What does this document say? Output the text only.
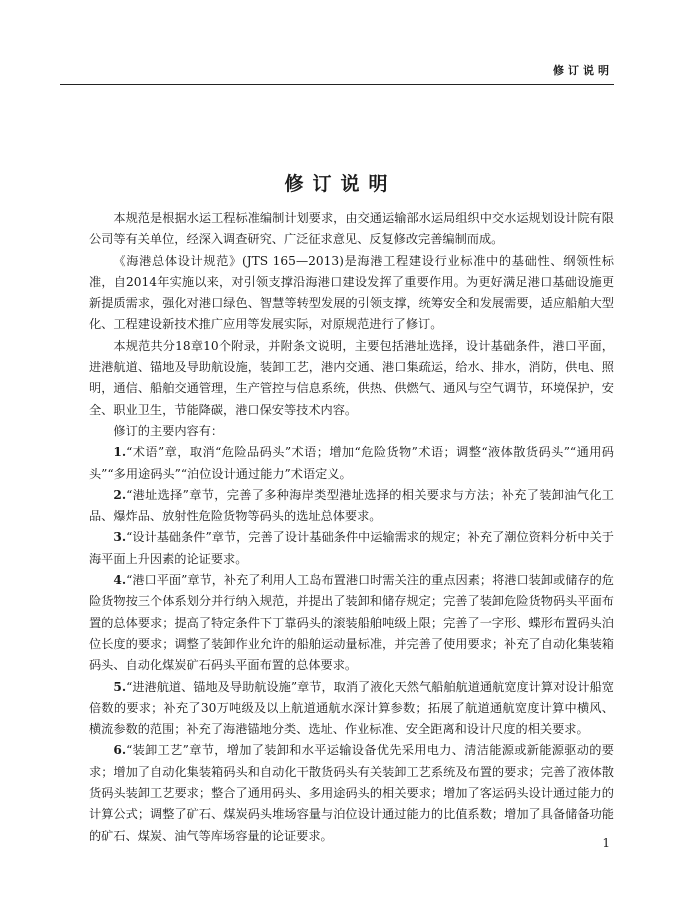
修订说明
修订说明

本规范是根据水运工程标准编制计划要求，由交通运输部水运局组织中交水运规划设计院有限公司等有关单位，经深入调查研究、广泛征求意见、反复修改完善编制而成。

《海港总体设计规范》(JTS 165—2013)是海港工程建设行业标准中的基础性、纲领性标准，自2014年实施以来，对引领支撑沿海港口建设发挥了重要作用。为更好满足港口基础设施更新提质需求，强化对港口绿色、智慧等转型发展的引领支撑，统筹安全和发展需要，适应船舶大型化、工程建设新技术推广应用等发展实际，对原规范进行了修订。

本规范共分18章10个附录，并附条文说明，主要包括港址选择，设计基础条件，港口平面，进港航道、锚地及导助航设施，装卸工艺，港内交通、港口集疏运，给水、排水，消防，供电、照明，通信、船舶交通管理，生产管控与信息系统，供热、供燃气、通风与空气调节，环境保护，安全、职业卫生，节能降碳，港口保安等技术内容。

修订的主要内容有：

1.“术语”章，取消“危险品码头”术语；增加“危险货物”术语；调整“液体散货码头”“通用码头”“多用途码头”“泊位设计通过能力”术语定义。

2.“港址选择”章节，完善了多种海岸类型港址选择的相关要求与方法；补充了装卸油气化工品、爆炸品、放射性危险货物等码头的选址总体要求。

3.“设计基础条件”章节，完善了设计基础条件中运输需求的规定；补充了潮位资料分析中关于海平面上升因素的论证要求。

4.“港口平面”章节，补充了利用人工岛布置港口时需关注的重点因素；将港口装卸或储存的危险货物按三个体系划分并行纳入规范，并提出了装卸和储存规定；完善了装卸危险货物码头平面布置的总体要求；提高了特定条件下丁靠码头的滚装船舶吨级上限；完善了一字形、蝶形布置码头泊位长度的要求；调整了装卸作业允许的船舶运动量标准，并完善了使用要求；补充了自动化集装箱码头、自动化煤炭矿石码头平面布置的总体要求。

5.“进港航道、锚地及导助航设施”章节，取消了液化天然气船舶航道通航宽度计算对设计船宽倍数的要求；补充了30万吨级及以上航道通航水深计算参数；拓展了航道通航宽度计算中横风、横流参数的范围；补充了海港锚地分类、选址、作业标准、安全距离和设计尺度的相关要求。

6.“装卸工艺”章节，增加了装卸和水平运输设备优先采用电力、清洁能源或新能源驱动的要求；增加了自动化集装箱码头和自动化干散货码头有关装卸工艺系统及布置的要求；完善了液体散货码头装卸工艺要求；整合了通用码头、多用途码头的相关要求；增加了客运码头设计通过能力的计算公式；调整了矿石、煤炭码头堆场容量与泊位设计通过能力的比值系数；增加了具备储备功能的矿石、煤炭、油气等库场容量的论证要求。

1
